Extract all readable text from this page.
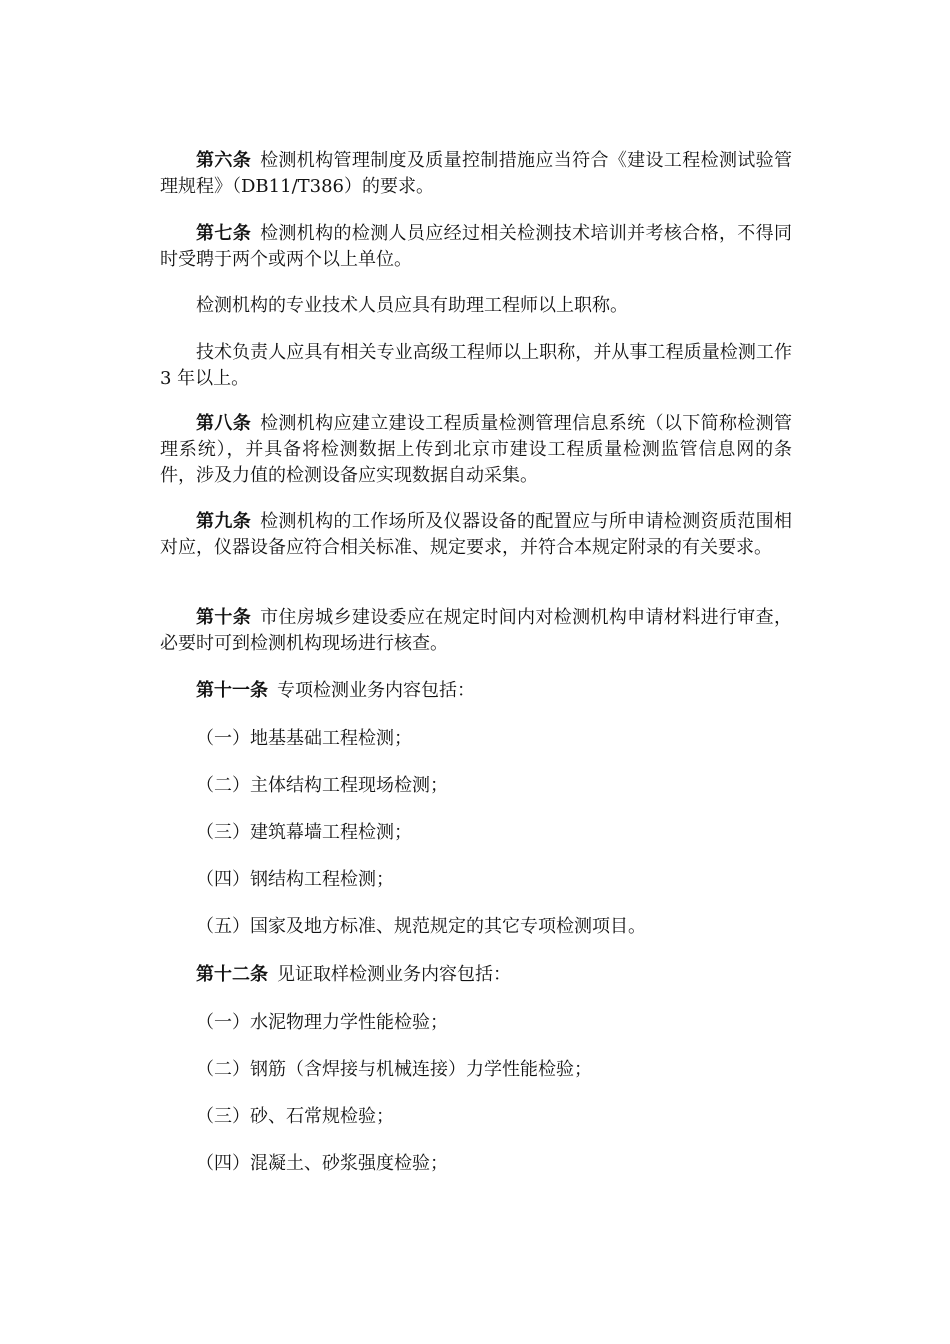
第六条 检测机构管理制度及质量控制措施应当符合《建设工程检测试验管理规程》（DB11/T386）的要求。

第七条 检测机构的检测人员应经过相关检测技术培训并考核合格，不得同时受聘于两个或两个以上单位。

检测机构的专业技术人员应具有助理工程师以上职称。

技术负责人应具有相关专业高级工程师以上职称，并从事工程质量检测工作 3 年以上。

第八条 检测机构应建立建设工程质量检测管理信息系统（以下简称检测管理系统），并具备将检测数据上传到北京市建设工程质量检测监管信息网的条件，涉及力值的检测设备应实现数据自动采集。

第九条 检测机构的工作场所及仪器设备的配置应与所申请检测资质范围相对应，仪器设备应符合相关标准、规定要求，并符合本规定附录的有关要求。

第十条 市住房城乡建设委应在规定时间内对检测机构申请材料进行审查，必要时可到检测机构现场进行核查。

第十一条 专项检测业务内容包括：

（一）地基基础工程检测；

（二）主体结构工程现场检测；

（三）建筑幕墙工程检测；

（四）钢结构工程检测；

（五）国家及地方标准、规范规定的其它专项检测项目。

第十二条 见证取样检测业务内容包括：

（一）水泥物理力学性能检验；

（二）钢筋（含焊接与机械连接）力学性能检验；

（三）砂、石常规检验；

（四）混凝土、砂浆强度检验；
